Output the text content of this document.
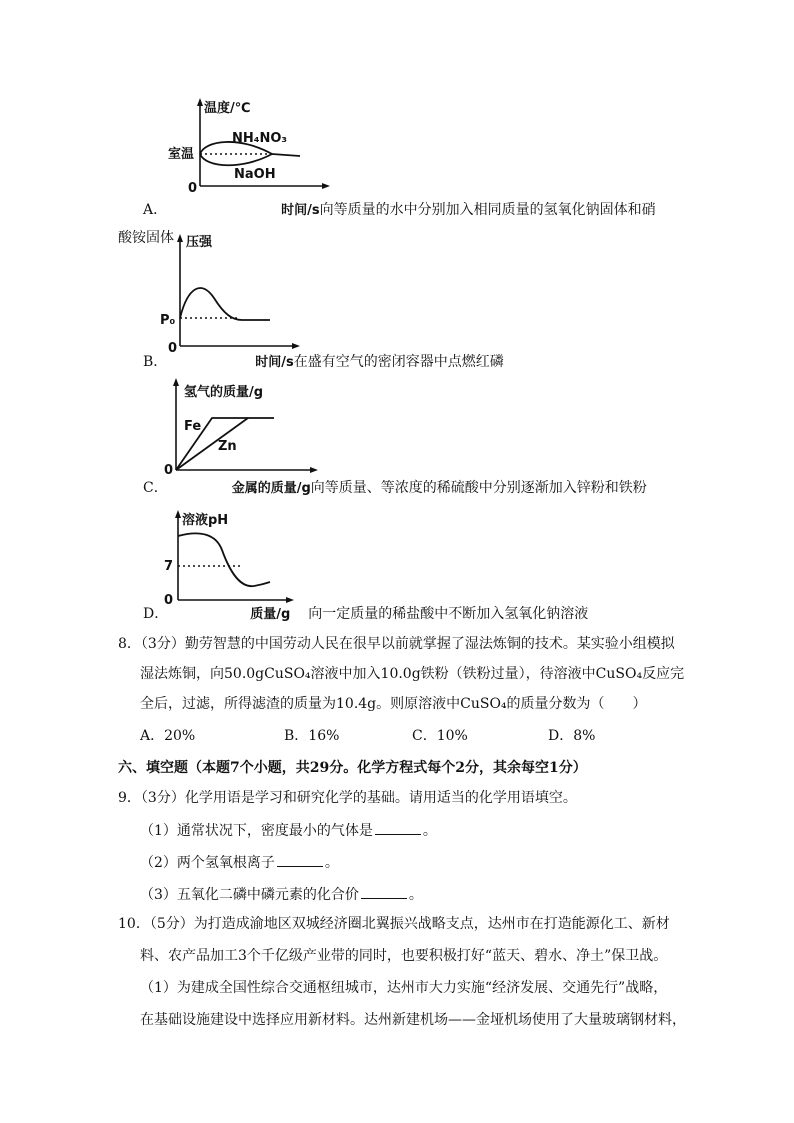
温度/℃
NH₄NO₃
NaOH
室温
0
A．	时间/s向等质量的水中分别加入相同质量的氢氧化钠固体和硝
酸铵固体 压强
P₀
0
B．	时间/s在盛有空气的密闭容器中点燃红磷
氢气的质量/g
Fe
Zn
0
C．	金属的质量/g向等质量、等浓度的稀硫酸中分别逐渐加入锌粉和铁粉
溶液pH
7
0
D．	质量/g 向一定质量的稀盐酸中不断加入氢氧化钠溶液
8．（3分）勤劳智慧的中国劳动人民在很早以前就掌握了湿法炼铜的技术。某实验小组模拟
湿法炼铜，向50.0gCuSO₄溶液中加入10.0g铁粉（铁粉过量），待溶液中CuSO₄反应完
全后，过滤，所得滤渣的质量为10.4g。则原溶液中CuSO₄的质量分数为（　　）
A．20%	B．16%	C．10%	D．8%
六、填空题（本题7个小题，共29分。化学方程式每个2分，其余每空1分）
9．（3分）化学用语是学习和研究化学的基础。请用适当的化学用语填空。
（1）通常状况下，密度最小的气体是	。
（2）两个氢氧根离子	。
（3）五氧化二磷中磷元素的化合价	。
10．（5分）为打造成渝地区双城经济圈北翼振兴战略支点，达州市在打造能源化工、新材
料、农产品加工3个千亿级产业带的同时，也要积极打好“蓝天、碧水、净土”保卫战。
（1）为建成全国性综合交通枢纽城市，达州市大力实施“经济发展、交通先行”战略，
在基础设施建设中选择应用新材料。达州新建机场——金垭机场使用了大量玻璃钢材料，
